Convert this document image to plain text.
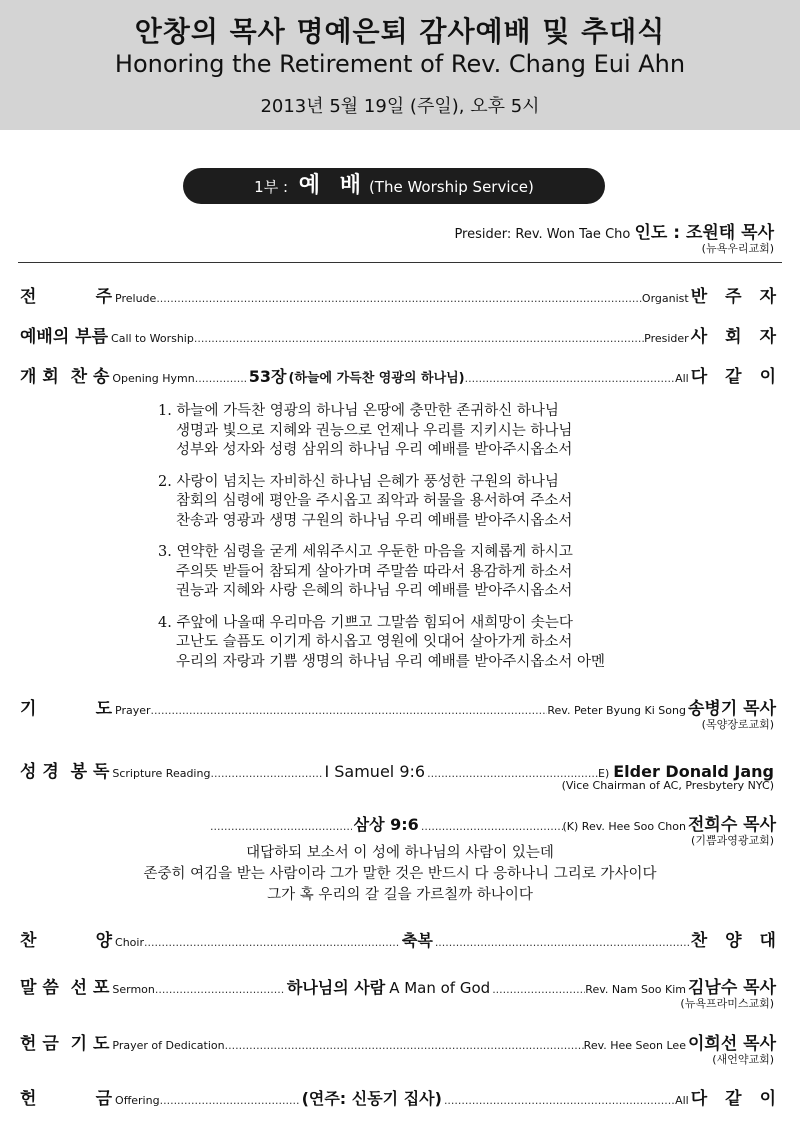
안창의 목사 명예은퇴 감사예배 및 추대식
Honoring the Retirement of Rev. Chang Eui Ahn
2013년 5월 19일 (주일), 오후 5시
1부 : 예 배 (The Worship Service)
Presider: Rev. Won Tae Cho 인도 : 조원태 목사
(뉴욕우리교회)
전          주 Prelude .....	Organist 반주자
예배의 부름 Call to Worship .....	Presider 사회자
개 회  찬 송 Opening Hymn .....	53장 (하늘에 가득찬 영광의 하나님) .....	All 다같이
1. 하늘에 가득찬 영광의 하나님 온땅에 충만한 존귀하신 하나님
생명과 빛으로 지혜와 권능으로 언제나 우리를 지키시는 하나님
성부와 성자와 성령 삼위의 하나님 우리 예배를 받아주시옵소서
2. 사랑이 넘치는 자비하신 하나님 은혜가 풍성한 구원의 하나님
참회의 심령에 평안을 주시옵고 죄악과 허물을 용서하여 주소서
찬송과 영광과 생명 구원의 하나님 우리 예배를 받아주시옵소서
3. 연약한 심령을 굳게 세워주시고 우둔한 마음을 지혜롭게 하시고
주의뜻 받들어 참되게 살아가며 주말씀 따라서 용감하게 하소서
권능과 지혜와 사랑 은혜의 하나님 우리 예배를 받아주시옵소서
4. 주앞에 나올때 우리마음 기쁘고 그말씀 힘되어 새희망이 솟는다
고난도 슬픔도 이기게 하시옵고 영원에 잇대어 살아가게 하소서
우리의 자랑과 기쁨 생명의 하나님 우리 예배를 받아주시옵소서 아멘
기          도 Prayer .....	Rev. Peter Byung Ki Song 송병기 목사
(목양장로교회)
성 경  봉 독 Scripture Reading .....	I Samuel 9:6 .....	E) Elder Donald Jang
(Vice Chairman of AC, Presbytery NYC)
.....
삼상 9:6 .....	(K) Rev. Hee Soo Chon 전희수 목사
(기쁨과영광교회)
대답하되 보소서 이 성에 하나님의 사람이 있는데
존중히 여김을 받는 사람이라 그가 말한 것은 반드시 다 응하나니 그리로 가사이다
그가 혹 우리의 갈 길을 가르칠까 하나이다
찬          양 Choir .....	축복 .....	찬양대
말 씀  선 포 Sermon .....	하나님의 사람 A Man of God .....	Rev. Nam Soo Kim 김남수 목사
(뉴욕프라미스교회)
헌 금  기 도 Prayer of Dedication .....	Rev. Hee Seon Lee 이희선 목사
(새언약교회)
헌          금 Offering .....	(연주: 신동기 집사) .....	All 다같이
